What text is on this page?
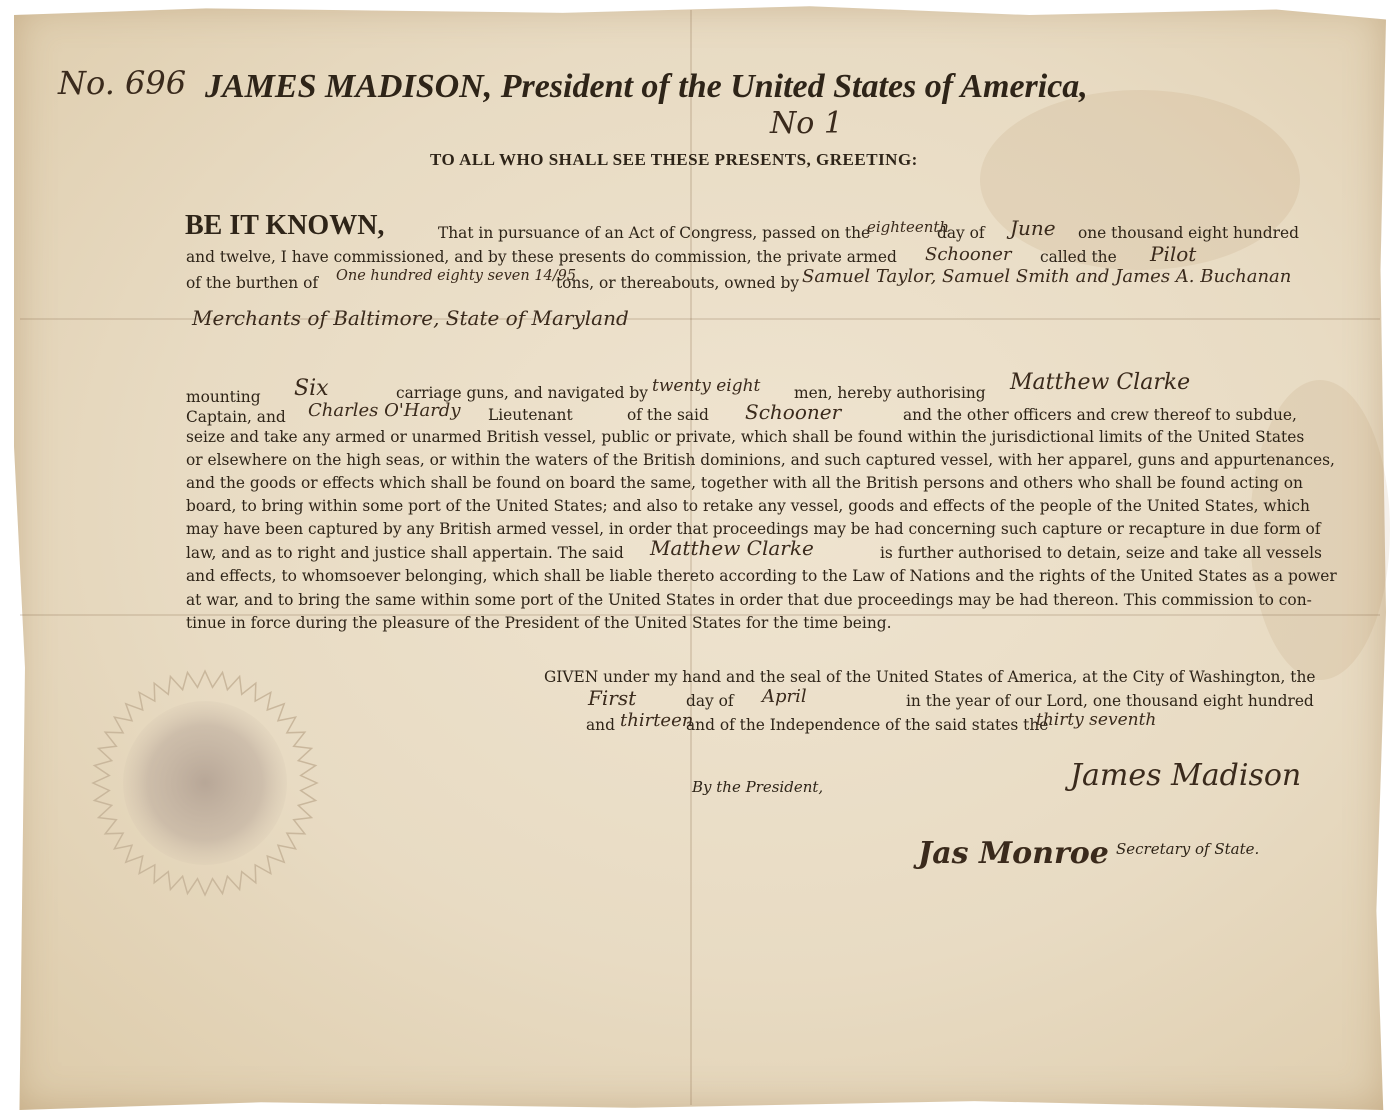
No. 696 JAMES MADISON, President of the United States of America,
No 1
TO ALL WHO SHALL SEE THESE PRESENTS, GREETING:
BE IT KNOWN,	That in pursuance of an Act of Congress, passed on the
eighteenth
day of June one thousand eight hundred
and twelve, I have commissioned, and by these presents do commission, the private armed Schooner called the Pilot
of the burthen of One hundred eighty seven 14/95
tons, or thereabouts, owned by Samuel Taylor, Samuel Smith and James A. Buchanan
Merchants of Baltimore, State of Maryland
mounting Six	carriage guns, and navigated by twenty eight men, hereby authorising Matthew Clarke
Captain, and Charles O'Hardy Lieutenant	of the said Schooner	and the other officers and crew thereof to subdue,
seize and take any armed or unarmed British vessel, public or private, which shall be found within the jurisdictional limits of the United States
or elsewhere on the high seas, or within the waters of the British dominions, and such captured vessel, with her apparel, guns and appurtenances,
and the goods or effects which shall be found on board the same, together with all the British persons and others who shall be found acting on
board, to bring within some port of the United States; and also to retake any vessel, goods and effects of the people of the United States, which
may have been captured by any British armed vessel, in order that proceedings may be had concerning such capture or recapture in due form of
law, and as to right and justice shall appertain. The said Matthew Clarke	is further authorised to detain, seize and take all vessels
and effects, to whomsoever belonging, which shall be liable thereto according to the Law of Nations and the rights of the United States as a power
at war, and to bring the same within some port of the United States in order that due proceedings may be had thereon. This commission to con-
tinue in force during the pleasure of the President of the United States for the time being.
GIVEN under my hand and the seal of the United States of America, at the City of Washington, the
First	day of April	in the year of our Lord, one thousand eight hundred
and thirteen
and of the Independence of the said states the
thirty seventh
By the President,	James Madison
Jas Monroe Secretary of State.
